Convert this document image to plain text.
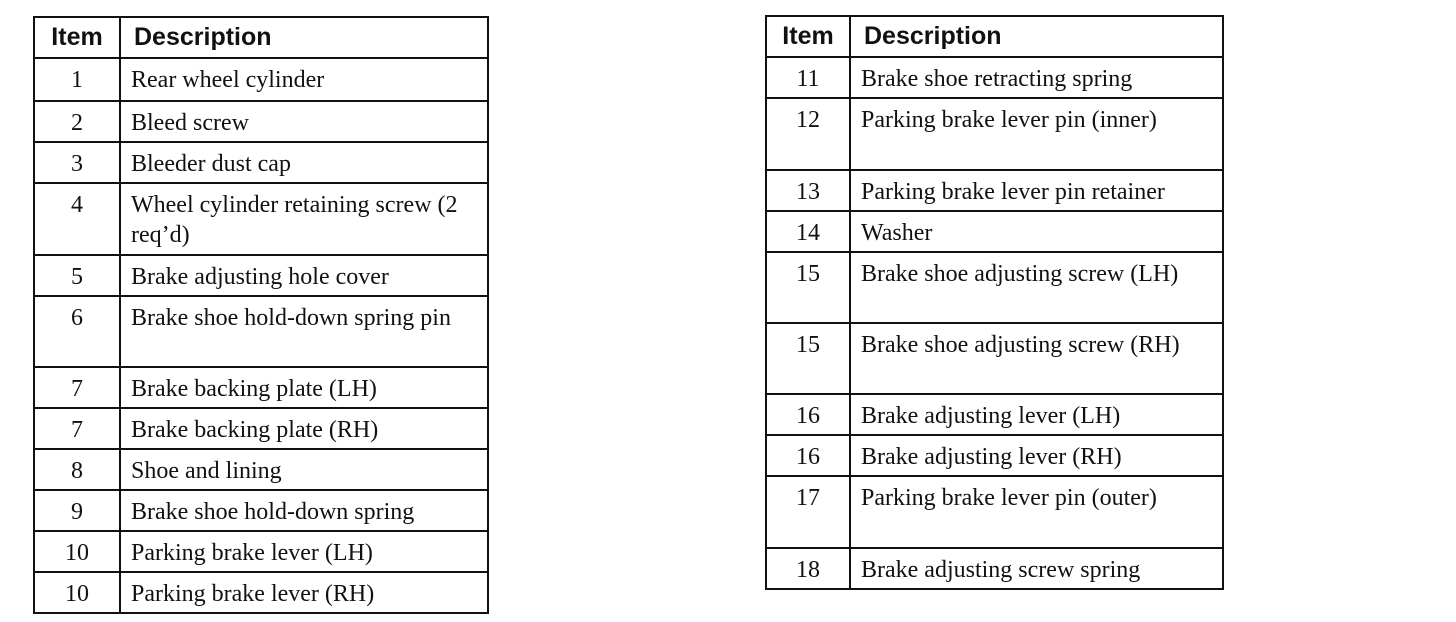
Item	Description
1	Rear wheel cylinder
2	Bleed screw
3	Bleeder dust cap
4	Wheel cylinder retaining screw (2 req’d)
5	Brake adjusting hole cover
6	Brake shoe hold-down spring pin
7	Brake backing plate (LH)
7	Brake backing plate (RH)
8	Shoe and lining
9	Brake shoe hold-down spring
10	Parking brake lever (LH)
10	Parking brake lever (RH)
Item	Description
11	Brake shoe retracting spring
12	Parking brake lever pin (inner)
13	Parking brake lever pin retainer
14	Washer
15	Brake shoe adjusting screw (LH)
15	Brake shoe adjusting screw (RH)
16	Brake adjusting lever (LH)
16	Brake adjusting lever (RH)
17	Parking brake lever pin (outer)
18	Brake adjusting screw spring
